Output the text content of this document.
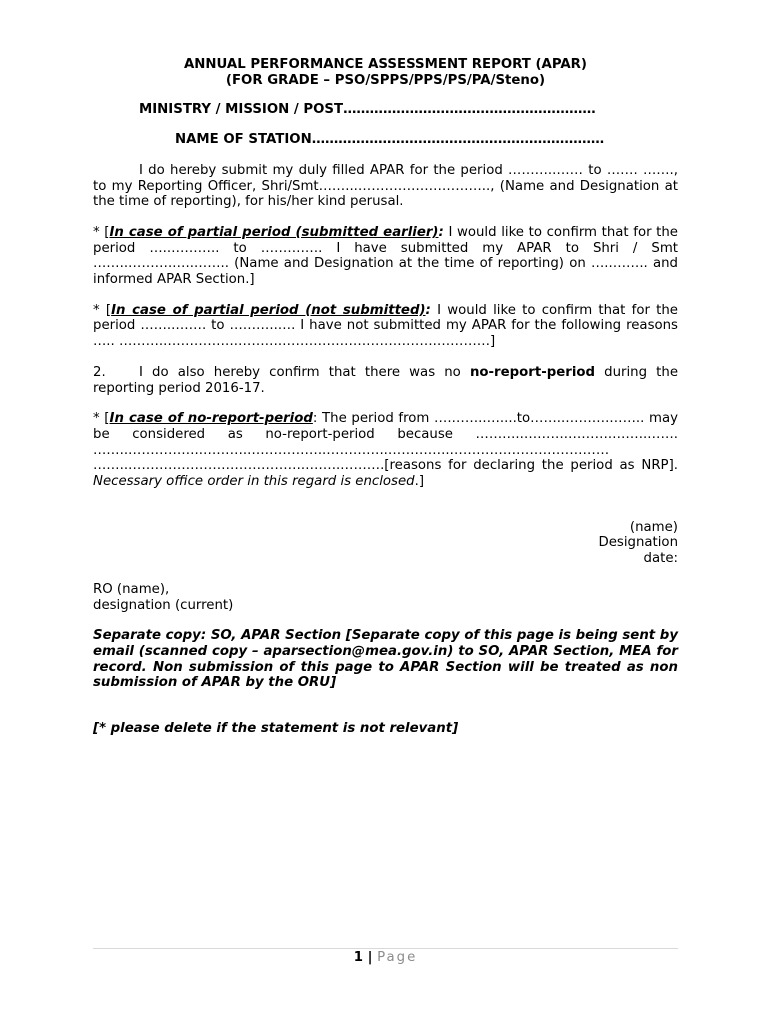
ANNUAL PERFORMANCE ASSESSMENT REPORT (APAR)
(FOR GRADE – PSO/SPPS/PPS/PS/PA/Steno)
MINISTRY / MISSION / POST…………………………………………………
NAME OF STATION…………………………………………………………

I do hereby submit my duly filled APAR for the period ………..…… to ……. ……., to my Reporting Officer, Shri/Smt……...………….…………….., (Name and Designation at the time of reporting), for his/her kind perusal.

* [In case of partial period (submitted earlier): I would like to confirm that for the period …..……….. to ……….…. I have submitted my APAR to Shri / Smt ……..……….…..…….. (Name and Designation at the time of reporting) on …..…….. and informed APAR Section.]

* [In case of partial period (not submitted): I would like to confirm that for the period ……..……. to ………..…. I have not submitted my APAR for the following reasons ….. ………..…………….……….………….………………….…………]

2.	I do also hereby confirm that there was no no-report-period during the reporting period 2016-17.

* [In case of no-report-period: The period from ….……..…....to……..……….…….. may be considered as no-report-period because ………..……….……….……..……. ……..……………..………..……………..…………..…………..……………………………… ……..………………………………….……..……….[reasons for declaring the period as NRP]. Necessary office order in this regard is enclosed.]

(name)
Designation
date:
RO (name),
designation (current)

Separate copy: SO, APAR Section [Separate copy of this page is being sent by email (scanned copy – aparsection@mea.gov.in) to SO, APAR Section, MEA for record. Non submission of this page to APAR Section will be treated as non submission of APAR by the ORU]

[* please delete if the statement is not relevant]

1 | Page
